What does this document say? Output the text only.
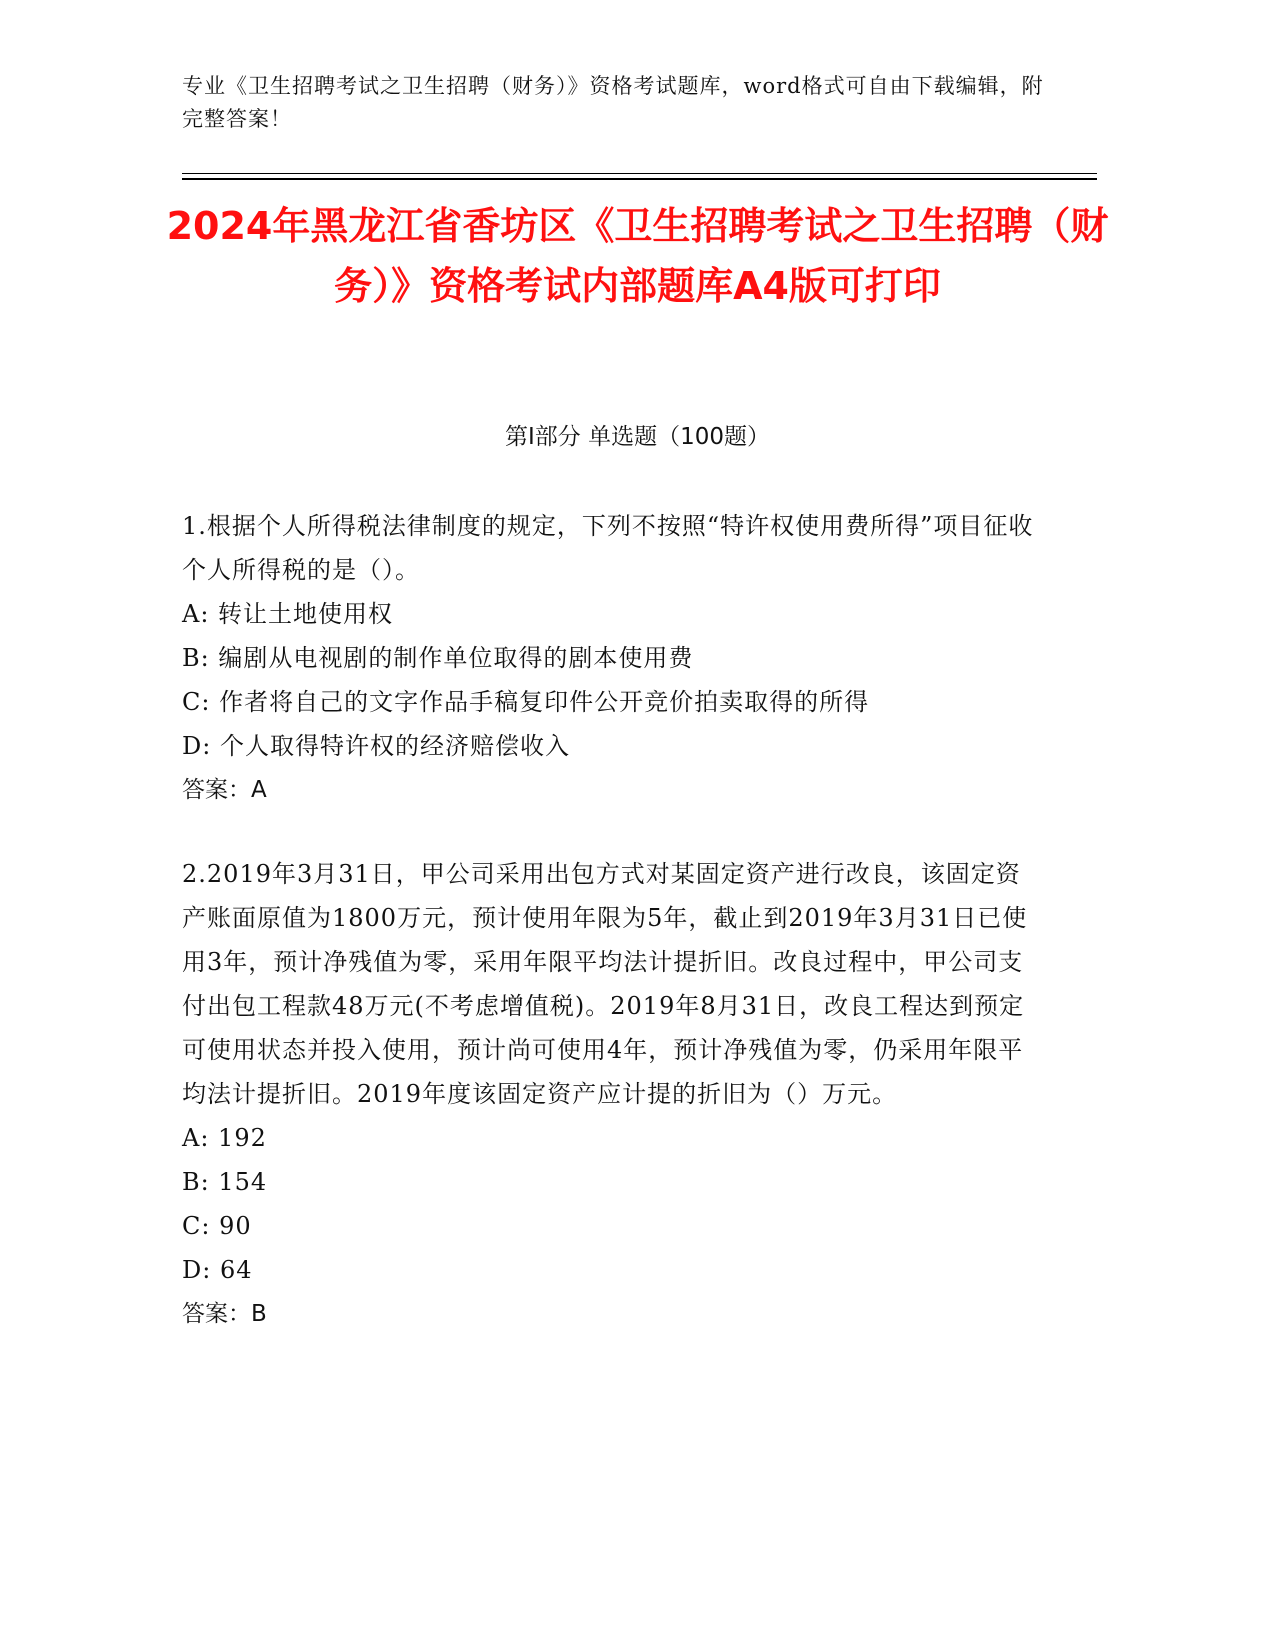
专业《卫生招聘考试之卫生招聘（财务）》资格考试题库，word格式可自由下载编辑，附完整答案！
2024年黑龙江省香坊区《卫生招聘考试之卫生招聘（财务）》资格考试内部题库A4版可打印
第I部分 单选题（100题）
1.根据个人所得税法律制度的规定，下列不按照“特许权使用费所得”项目征收个人所得税的是（）。
A: 转让土地使用权
B: 编剧从电视剧的制作单位取得的剧本使用费
C: 作者将自己的文字作品手稿复印件公开竞价拍卖取得的所得
D: 个人取得特许权的经济赔偿收入
答案：A
2.2019年3月31日，甲公司采用出包方式对某固定资产进行改良，该固定资产账面原值为1800万元，预计使用年限为5年，截止到2019年3月31日已使用3年，预计净残值为零，采用年限平均法计提折旧。改良过程中，甲公司支付出包工程款48万元(不考虑增值税)。2019年8月31日，改良工程达到预定可使用状态并投入使用，预计尚可使用4年，预计净残值为零，仍采用年限平均法计提折旧。2019年度该固定资产应计提的折旧为（）万元。
A: 192
B: 154
C: 90
D: 64
答案：B
